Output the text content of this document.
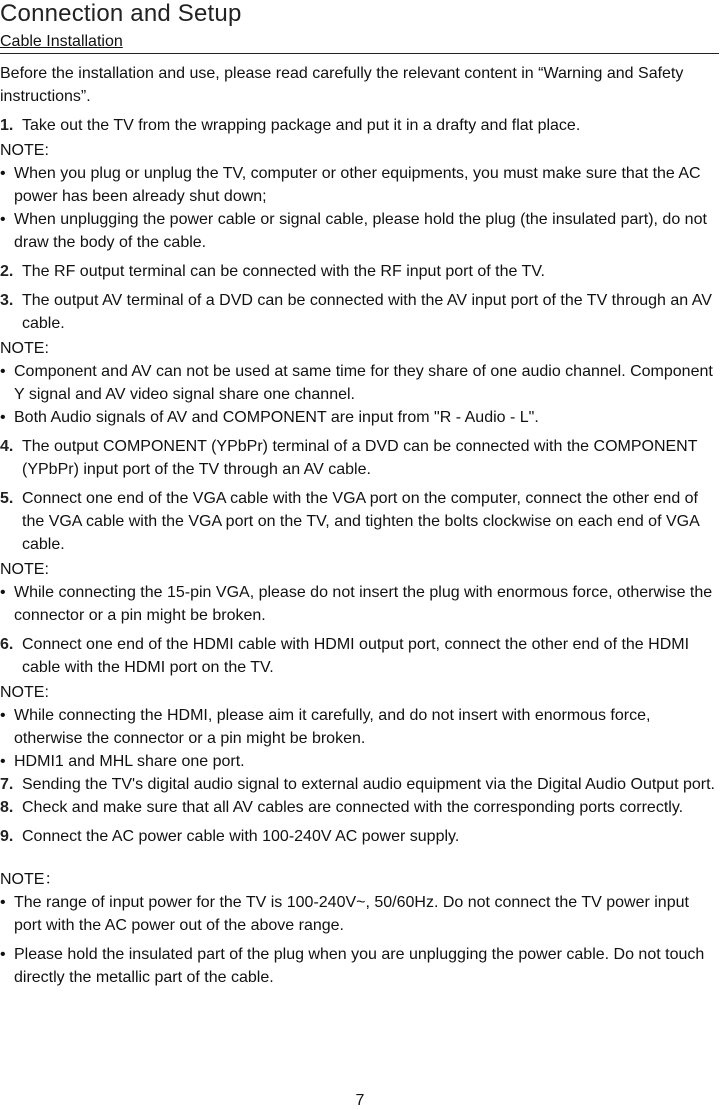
Connection and Setup
Cable Installation

Before the installation and use, please read carefully the relevant content in “Warning and Safety instructions”.

1. Take out the TV from the wrapping package and put it in a drafty and flat place.

NOTE:

• When you plug or unplug the TV, computer or other equipments, you must make sure that the AC power has been already shut down;
• When unplugging the power cable or signal cable, please hold the plug (the insulated part), do not draw the body of the cable.
2. The RF output terminal can be connected with the RF input port of the TV.
3. The output AV terminal of a DVD can be connected with the AV input port of the TV through an AV cable.

NOTE:

• Component and AV can not be used at same time for they share of one audio channel. Component Y signal and AV video signal share one channel.
• Both Audio signals of AV and COMPONENT are input from "R - Audio - L".
4. The output COMPONENT (YPbPr) terminal of a DVD can be connected with the COMPONENT (YPbPr) input port of the TV through an AV cable.
5. Connect one end of the VGA cable with the VGA port on the computer, connect the other end of the VGA cable with the VGA port on the TV, and tighten the bolts clockwise on each end of VGA cable.

NOTE:

• While connecting the 15-pin VGA, please do not insert the plug with enormous force, otherwise the connector or a pin might be broken.
6. Connect one end of the HDMI cable with HDMI output port, connect the other end of the HDMI cable with the HDMI port on the TV.

NOTE:

• While connecting the HDMI, please aim it carefully, and do not insert with enormous force, otherwise the connector or a pin might be broken.
• HDMI1 and MHL share one port.
7. Sending the TV's digital audio signal to external audio equipment via the Digital Audio Output port.
8. Check and make sure that all AV cables are connected with the corresponding ports correctly.
9. Connect the AC power cable with 100-240V AC power supply.

NOTE：

• The range of input power for the TV is 100-240V~, 50/60Hz. Do not connect the TV power input port with the AC power out of the above range.
• Please hold the insulated part of the plug when you are unplugging the power cable. Do not touch directly the metallic part of the cable.
7
